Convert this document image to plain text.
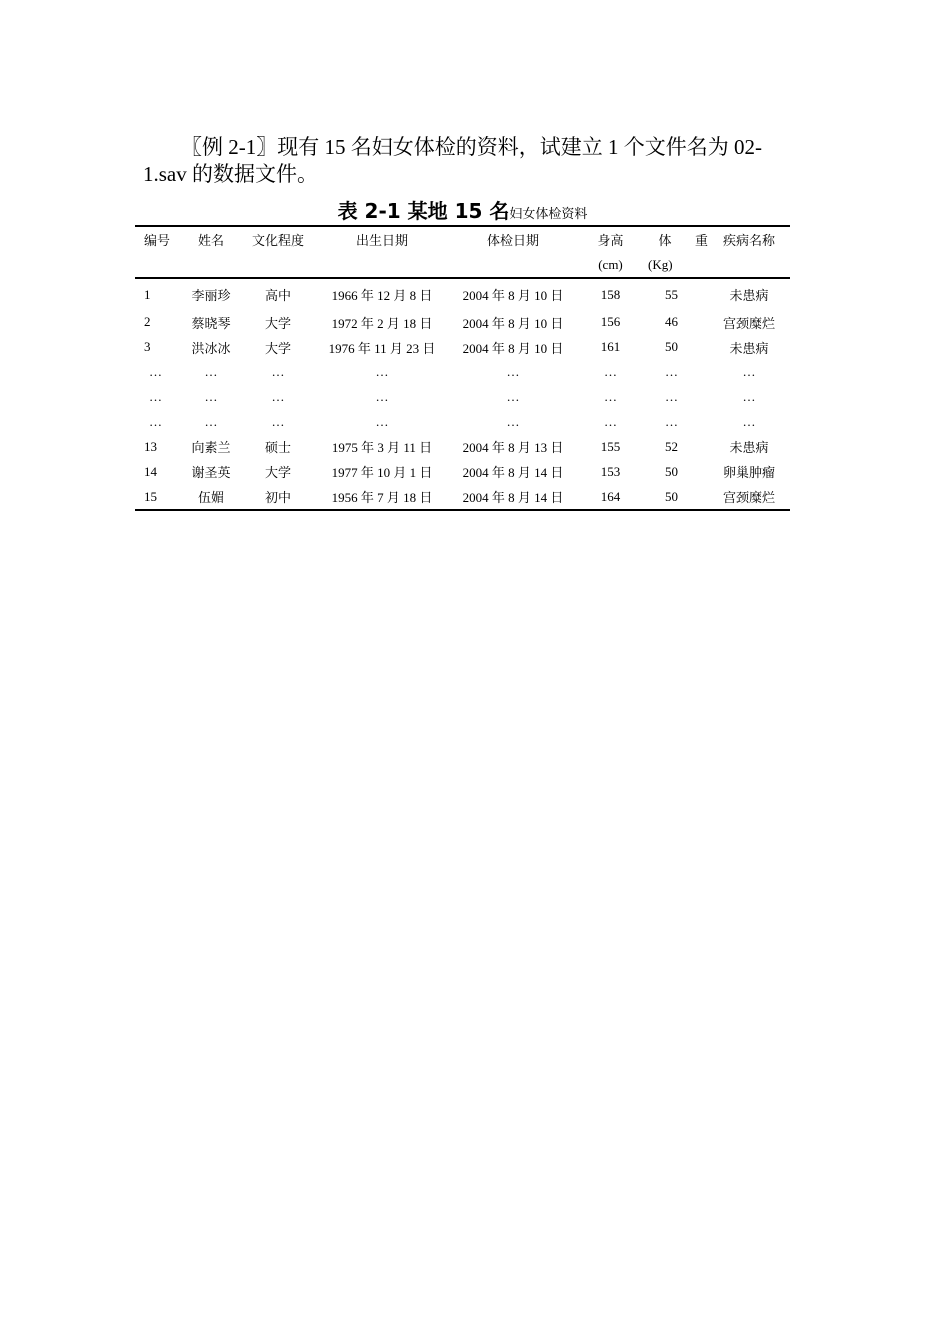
〖例 2-1〗现有 15 名妇女体检的资料，试建立 1 个文件名为 02-1.sav 的数据文件。

表 2-1 某地 15 名妇女体检资料
编号	姓名	文化程度	出生日期	体检日期	身高	体 重	疾病名称
					(cm)	(Kg)	
1	李丽珍	高中	1966 年 12 月 8 日	2004 年 8 月 10 日	158	55	未患病
2	蔡晓琴	大学	1972 年 2 月 18 日	2004 年 8 月 10 日	156	46	宫颈糜烂
3	洪冰冰	大学	1976 年 11 月 23 日	2004 年 8 月 10 日	161	50	未患病
…	…	…	…	…	…	…	…
…	…	…	…	…	…	…	…
…	…	…	…	…	…	…	…
13	向素兰	硕士	1975 年 3 月 11 日	2004 年 8 月 13 日	155	52	未患病
14	谢圣英	大学	1977 年 10 月 1 日	2004 年 8 月 14 日	153	50	卵巢肿瘤
15	伍媚	初中	1956 年 7 月 18 日	2004 年 8 月 14 日	164	50	宫颈糜烂
